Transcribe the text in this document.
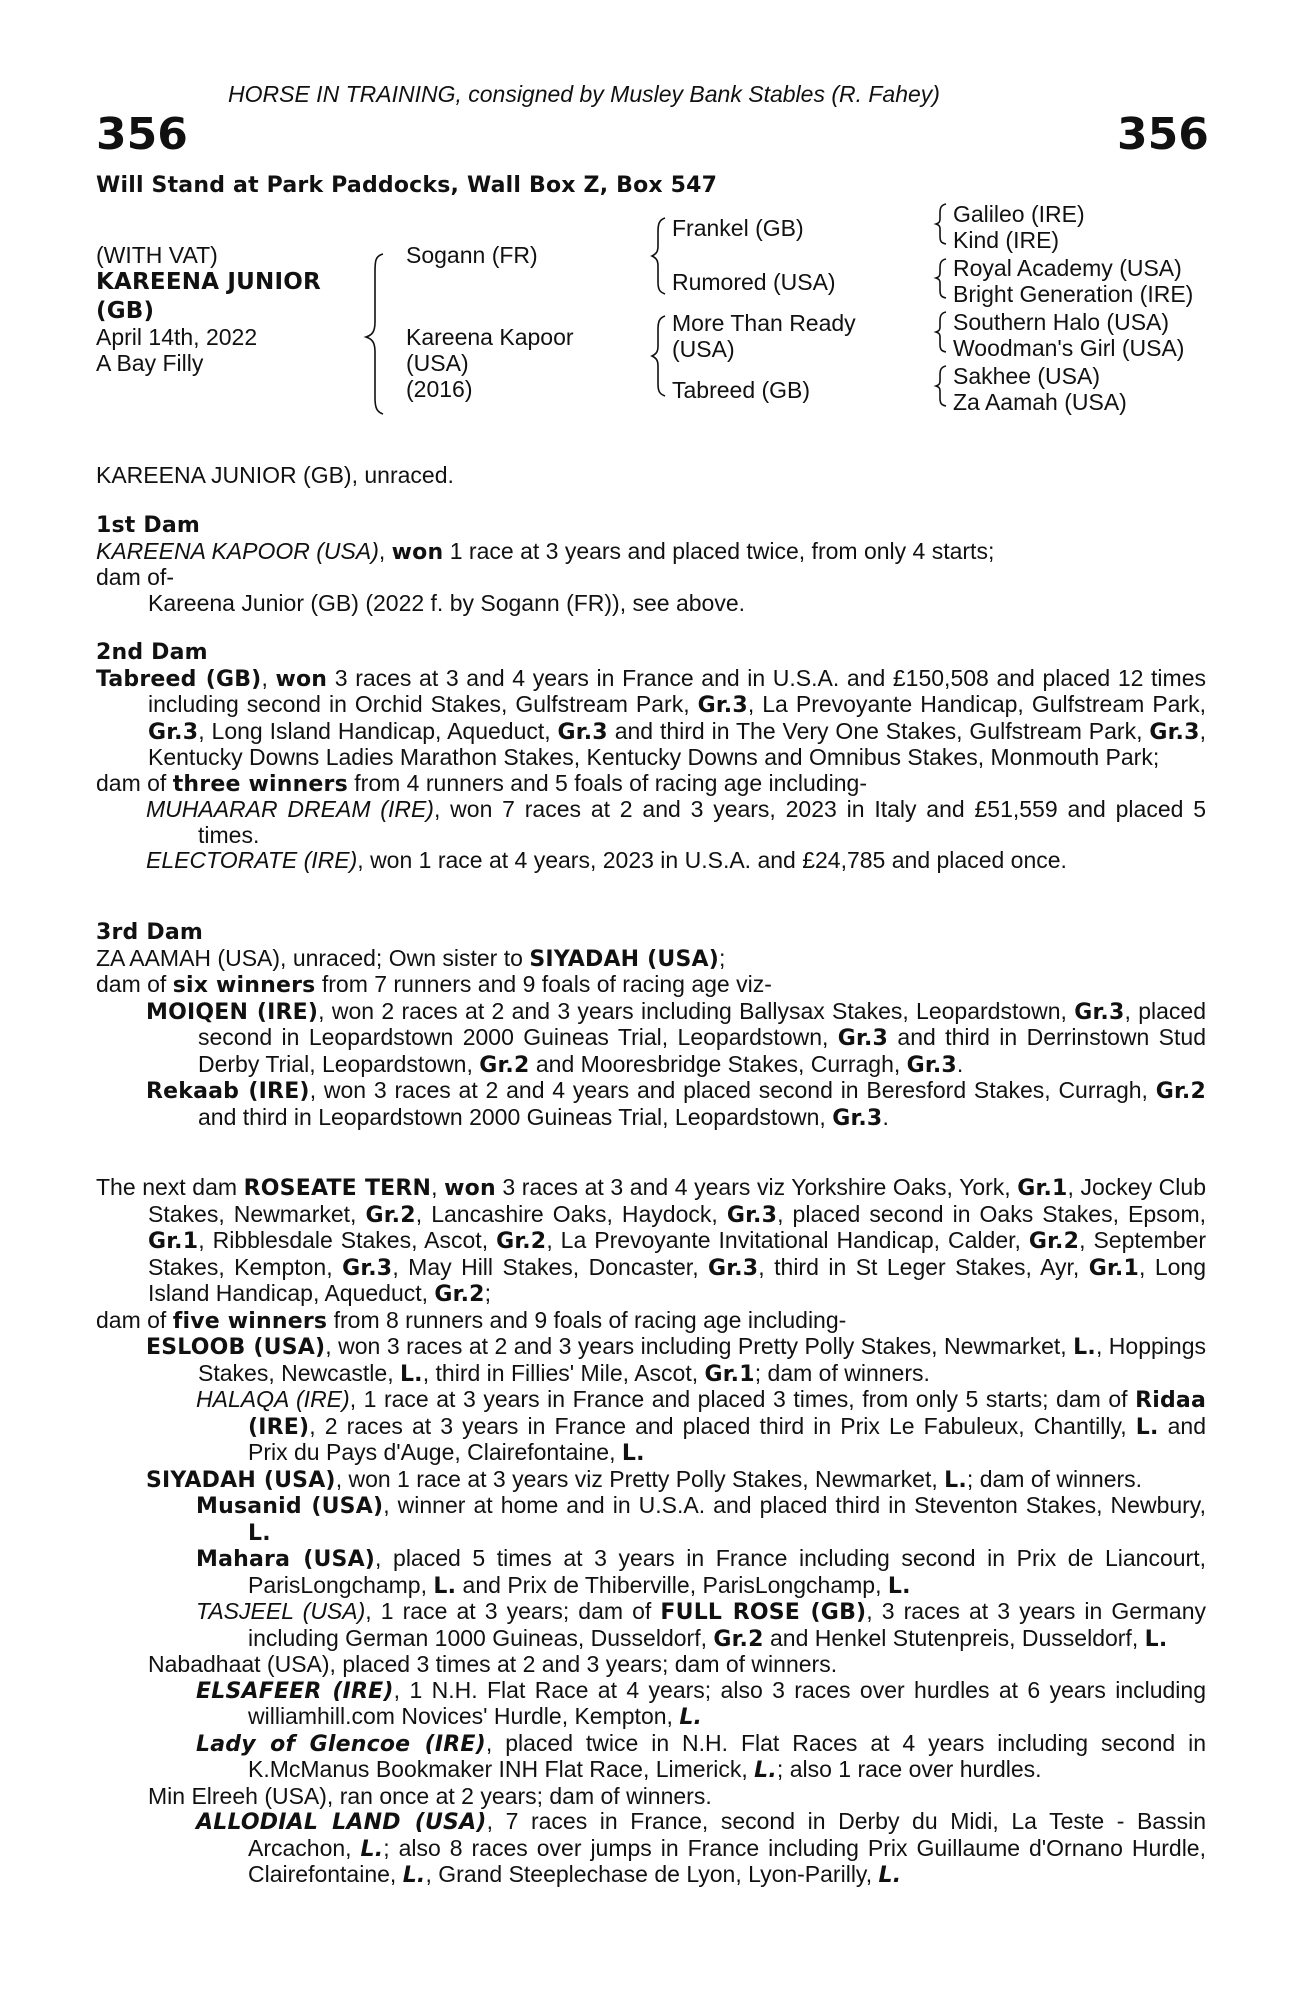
HORSE IN TRAINING, consigned by Musley Bank Stables (R. Fahey)
356	356
Will Stand at Park Paddocks, Wall Box Z, Box 547
(WITH VAT)
KAREENA JUNIOR
(GB)
April 14th, 2022
A Bay Filly
Sogann (FR)
Kareena Kapoor
(USA)
(2016)
Frankel (GB)
Rumored (USA)
More Than Ready
(USA)
Tabreed (GB)
Galileo (IRE)
Kind (IRE)
Royal Academy (USA)
Bright Generation (IRE)
Southern Halo (USA)
Woodman's Girl (USA)
Sakhee (USA)
Za Aamah (USA)
KAREENA JUNIOR (GB), unraced.

1st Dam

KAREENA KAPOOR (USA), won 1 race at 3 years and placed twice, from only 4 starts;

dam of-

Kareena Junior (GB) (2022 f. by Sogann (FR)), see above.

2nd Dam

Tabreed (GB), won 3 races at 3 and 4 years in France and in U.S.A. and £150,508 and placed 12 times including second in Orchid Stakes, Gulfstream Park, Gr.3, La Prevoyante Handicap, Gulfstream Park, Gr.3, Long Island Handicap, Aqueduct, Gr.3 and third in The Very One Stakes, Gulfstream Park, Gr.3, Kentucky Downs Ladies Marathon Stakes, Kentucky Downs and Omnibus Stakes, Monmouth Park;

dam of three winners from 4 runners and 5 foals of racing age including-

MUHAARAR DREAM (IRE), won 7 races at 2 and 3 years, 2023 in Italy and £51,559 and placed 5 times.

ELECTORATE (IRE), won 1 race at 4 years, 2023 in U.S.A. and £24,785 and placed once.

3rd Dam

ZA AAMAH (USA), unraced; Own sister to SIYADAH (USA);

dam of six winners from 7 runners and 9 foals of racing age viz-

MOIQEN (IRE), won 2 races at 2 and 3 years including Ballysax Stakes, Leopardstown, Gr.3, placed second in Leopardstown 2000 Guineas Trial, Leopardstown, Gr.3 and third in Derrinstown Stud Derby Trial, Leopardstown, Gr.2 and Mooresbridge Stakes, Curragh, Gr.3.

Rekaab (IRE), won 3 races at 2 and 4 years and placed second in Beresford Stakes, Curragh, Gr.2 and third in Leopardstown 2000 Guineas Trial, Leopardstown, Gr.3.

The next dam ROSEATE TERN, won 3 races at 3 and 4 years viz Yorkshire Oaks, York, Gr.1, Jockey Club Stakes, Newmarket, Gr.2, Lancashire Oaks, Haydock, Gr.3, placed second in Oaks Stakes, Epsom, Gr.1, Ribblesdale Stakes, Ascot, Gr.2, La Prevoyante Invitational Handicap, Calder, Gr.2, September Stakes, Kempton, Gr.3, May Hill Stakes, Doncaster, Gr.3, third in St Leger Stakes, Ayr, Gr.1, Long Island Handicap, Aqueduct, Gr.2;

dam of five winners from 8 runners and 9 foals of racing age including-

ESLOOB (USA), won 3 races at 2 and 3 years including Pretty Polly Stakes, Newmarket, L., Hoppings Stakes, Newcastle, L., third in Fillies' Mile, Ascot, Gr.1; dam of winners.

HALAQA (IRE), 1 race at 3 years in France and placed 3 times, from only 5 starts; dam of Ridaa (IRE), 2 races at 3 years in France and placed third in Prix Le Fabuleux, Chantilly, L. and Prix du Pays d'Auge, Clairefontaine, L.

SIYADAH (USA), won 1 race at 3 years viz Pretty Polly Stakes, Newmarket, L.; dam of winners.

Musanid (USA), winner at home and in U.S.A. and placed third in Steventon Stakes, Newbury, L.

Mahara (USA), placed 5 times at 3 years in France including second in Prix de Liancourt, ParisLongchamp, L. and Prix de Thiberville, ParisLongchamp, L.

TASJEEL (USA), 1 race at 3 years; dam of FULL ROSE (GB), 3 races at 3 years in Germany including German 1000 Guineas, Dusseldorf, Gr.2 and Henkel Stutenpreis, Dusseldorf, L.

Nabadhaat (USA), placed 3 times at 2 and 3 years; dam of winners.

ELSAFEER (IRE), 1 N.H. Flat Race at 4 years; also 3 races over hurdles at 6 years including williamhill.com Novices' Hurdle, Kempton, L.

Lady of Glencoe (IRE), placed twice in N.H. Flat Races at 4 years including second in K.McManus Bookmaker INH Flat Race, Limerick, L.; also 1 race over hurdles.

Min Elreeh (USA), ran once at 2 years; dam of winners.

ALLODIAL LAND (USA), 7 races in France, second in Derby du Midi, La Teste - Bassin Arcachon, L.; also 8 races over jumps in France including Prix Guillaume d'Ornano Hurdle, Clairefontaine, L., Grand Steeplechase de Lyon, Lyon-Parilly, L.
